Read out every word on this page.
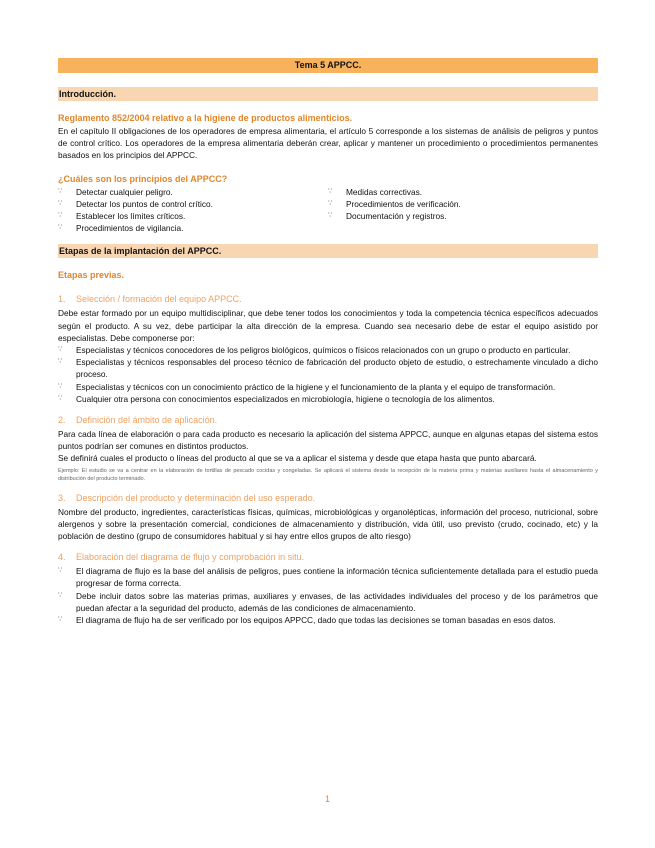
Tema 5 APPCC.
Introducción.
Reglamento 852/2004 relativo a la higiene de productos alimenticios.

En el capítulo II obligaciones de los operadores de empresa alimentaria, el artículo 5 corresponde a los sistemas de análisis de peligros y puntos de control crítico. Los operadores de la empresa alimentaria deberán crear, aplicar y mantener un procedimiento o procedimientos permanentes basados en los principios del APPCC.

¿Cuáles son los principios del APPCC?
∵ Detectar cualquier peligro.
∵ Detectar los puntos de control crítico.
∵ Establecer los límites críticos.
∵ Procedimientos de vigilancia.
∵ Medidas correctivas.
∵ Procedimientos de verificación.
∵ Documentación y registros.
Etapas de la implantación del APPCC.
Etapas previas.
1. Selección / formación del equipo APPCC.

Debe estar formado por un equipo multidisciplinar, que debe tener todos los conocimientos y toda la competencia técnica específicos adecuados según el producto. A su vez, debe participar la alta dirección de la empresa. Cuando sea necesario debe de estar el equipo asistido por especialistas. Debe componerse por:

∵ Especialistas y técnicos conocedores de los peligros biológicos, químicos o físicos relacionados con un grupo o producto en particular.
∵ Especialistas y técnicos responsables del proceso técnico de fabricación del producto objeto de estudio, o estrechamente vinculado a dicho proceso.
∵ Especialistas y técnicos con un conocimiento práctico de la higiene y el funcionamiento de la planta y el equipo de transformación.
∵ Cualquier otra persona con conocimientos especializados en microbiología, higiene o tecnología de los alimentos.
2. Definición del ámbito de aplicación.

Para cada línea de elaboración o para cada producto es necesario la aplicación del sistema APPCC, aunque en algunas etapas del sistema estos puntos podrían ser comunes en distintos productos.

Se definirá cuales el producto o líneas del producto al que se va a aplicar el sistema y desde que etapa hasta que punto abarcará.

Ejemplo: El estudio se va a centrar en la elaboración de tortillas de pescado cocidas y congeladas. Se aplicará el sistema desde la recepción de la materia prima y materias auxiliares hasta el almacenamiento y distribución del producto terminado.
3. Descripción del producto y determinación del uso esperado.

Nombre del producto, ingredientes, características físicas, químicas, microbiológicas y organolépticas, información del proceso, nutricional, sobre alergenos y sobre la presentación comercial, condiciones de almacenamiento y distribución, vida útil, uso previsto (crudo, cocinado, etc) y la población de destino (grupo de consumidores habitual y si hay entre ellos grupos de alto riesgo)

4. Elaboración del diagrama de flujo y comprobación in situ.
∵ El diagrama de flujo es la base del análisis de peligros, pues contiene la información técnica suficientemente detallada para el estudio pueda progresar de forma correcta.
∵ Debe incluir datos sobre las materias primas, auxiliares y envases, de las actividades individuales del proceso y de los parámetros que puedan afectar a la seguridad del producto, además de las condiciones de almacenamiento.
∵ El diagrama de flujo ha de ser verificado por los equipos APPCC, dado que todas las decisiones se toman basadas en esos datos.
1
